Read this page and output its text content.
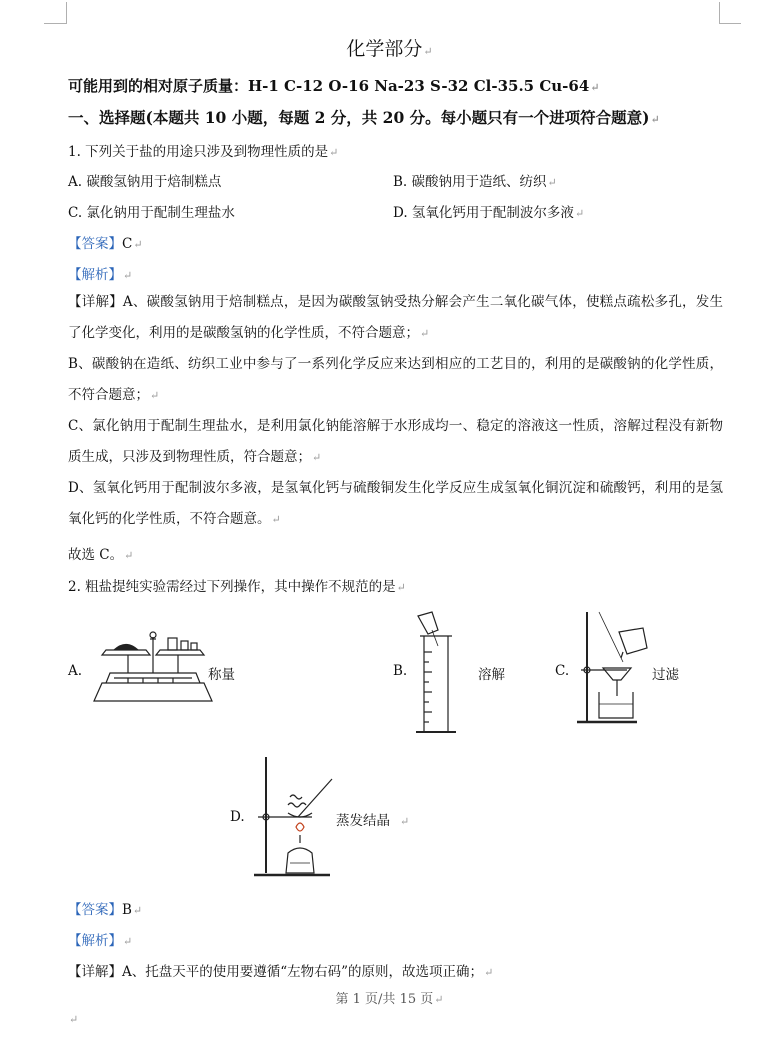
化学部分↵
可能用到的相对原子质量：H-1 C-12 O-16 Na-23 S-32 Cl-35.5 Cu-64↵
一、选择题(本题共 10 小题，每题 2 分，共 20 分。每小题只有一个进项符合题意)↵
1. 下列关于盐的用途只涉及到物理性质的是↵
A. 碳酸氢钠用于焙制糕点	B. 碳酸钠用于造纸、纺织↵
C. 氯化钠用于配制生理盐水	D. 氢氧化钙用于配制波尔多液↵
【答案】C↵
【解析】↵
【详解】A、碳酸氢钠用于焙制糕点，是因为碳酸氢钠受热分解会产生二氧化碳气体，使糕点疏松多孔，发生了化学变化，利用的是碳酸氢钠的化学性质，不符合题意；↵
B、碳酸钠在造纸、纺织工业中参与了一系列化学反应来达到相应的工艺目的，利用的是碳酸钠的化学性质，不符合题意；↵
C、氯化钠用于配制生理盐水，是利用氯化钠能溶解于水形成均一、稳定的溶液这一性质，溶解过程没有新物质生成，只涉及到物理性质，符合题意；↵
D、氢氧化钙用于配制波尔多液，是氢氧化钙与硫酸铜发生化学反应生成氢氧化铜沉淀和硫酸钙，利用的是氢氧化钙的化学性质，不符合题意。↵
故选 C。↵
2. 粗盐提纯实验需经过下列操作，其中操作不规范的是↵
A.	称量	B.	溶解	C.	过滤
D.	蒸发结晶 ↵
【答案】B↵
【解析】↵
【详解】A、托盘天平的使用要遵循“左物右码”的原则，故选项正确；↵
第 1 页/共 15 页↵
↵
